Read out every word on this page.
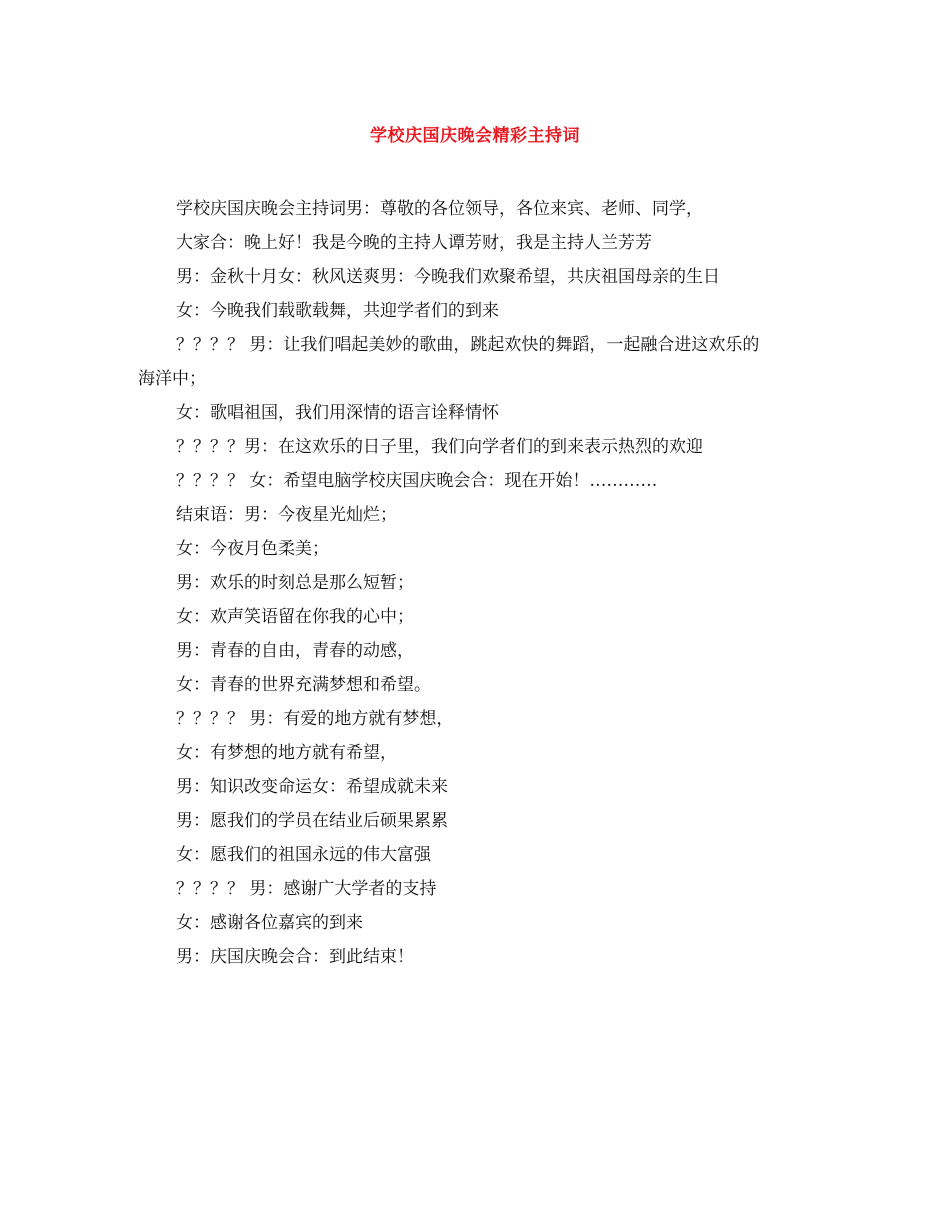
学校庆国庆晚会精彩主持词

学校庆国庆晚会主持词男：尊敬的各位领导，各位来宾、老师、同学，

大家合：晚上好！我是今晚的主持人谭芳财，我是主持人兰芳芳

男：金秋十月女：秋风送爽男：今晚我们欢聚希望，共庆祖国母亲的生日

女：今晚我们载歌载舞，共迎学者们的到来

？？？？ 男：让我们唱起美妙的歌曲，跳起欢快的舞蹈，一起融合进这欢乐的

海洋中；

女：歌唱祖国，我们用深情的语言诠释情怀

？？？？男：在这欢乐的日子里，我们向学者们的到来表示热烈的欢迎

？？？？ 女：希望电脑学校庆国庆晚会合：现在开始！…………

结束语：男：今夜星光灿烂；

女：今夜月色柔美；

男：欢乐的时刻总是那么短暂；

女：欢声笑语留在你我的心中；

男：青春的自由，青春的动感，

女：青春的世界充满梦想和希望。

？？？？ 男：有爱的地方就有梦想，

女：有梦想的地方就有希望，

男：知识改变命运女：希望成就未来

男：愿我们的学员在结业后硕果累累

女：愿我们的祖国永远的伟大富强

？？？？ 男：感谢广大学者的支持

女：感谢各位嘉宾的到来

男：庆国庆晚会合：到此结束！
